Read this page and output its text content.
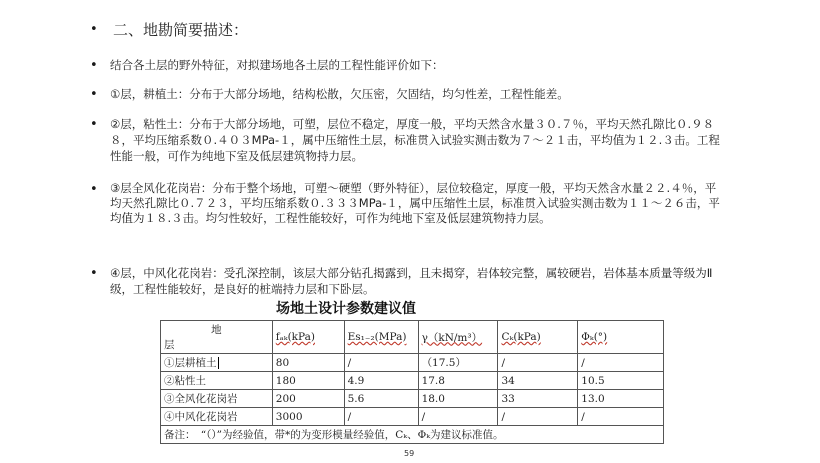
• 二、地勘简要描述：
• 结合各土层的野外特征，对拟建场地各土层的工程性能评价如下：
• ①层，耕植土：分布于大部分场地，结构松散，欠压密，欠固结，均匀性差，工程性能差。
• ②层，粘性土：分布于大部分场地，可塑，层位不稳定，厚度一般，平均天然含水量３０.７％，平均天然孔隙比０.９８８，平均压缩系数０.４０３MPa-１，属中压缩性土层，标准贯入试验实测击数为７～２１击，平均值为１２.３击。工程性能一般，可作为纯地下室及低层建筑物持力层。
• ③层全风化花岗岩：分布于整个场地，可塑～硬塑（野外特征），层位较稳定，厚度一般，平均天然含水量２２.４％，平均天然孔隙比０.７２３，平均压缩系数０.３３３MPa-１，属中压缩性土层，标准贯入试验实测击数为１１～２６击，平均值为１８.３击。均匀性较好，工程性能较好，可作为纯地下室及低层建筑物持力层。
• ④层，中风化花岗岩：受孔深控制，该层大部分钻孔揭露到，且未揭穿，岩体较完整，属较硬岩，岩体基本质量等级为Ⅱ级，工程性能较好，是良好的桩端持力层和下卧层。
场地土设计参数建议值
地
层	fₐₖ(kPa)	Es₁₋₂(MPa)	γ（kN/m³）	Cₖ(kPa)	Φₖ(°)
①层耕植土	80	/	（17.5）	/	/
②粘性土	180	4.9	17.8	34	10.5
③全风化花岗岩	200	5.6	18.0	33	13.0
④中风化花岗岩	3000	/	/	/	/
备注：　“（）”为经验值，带*的为变形模量经验值，Cₖ、Φₖ为建议标准值。					
59
